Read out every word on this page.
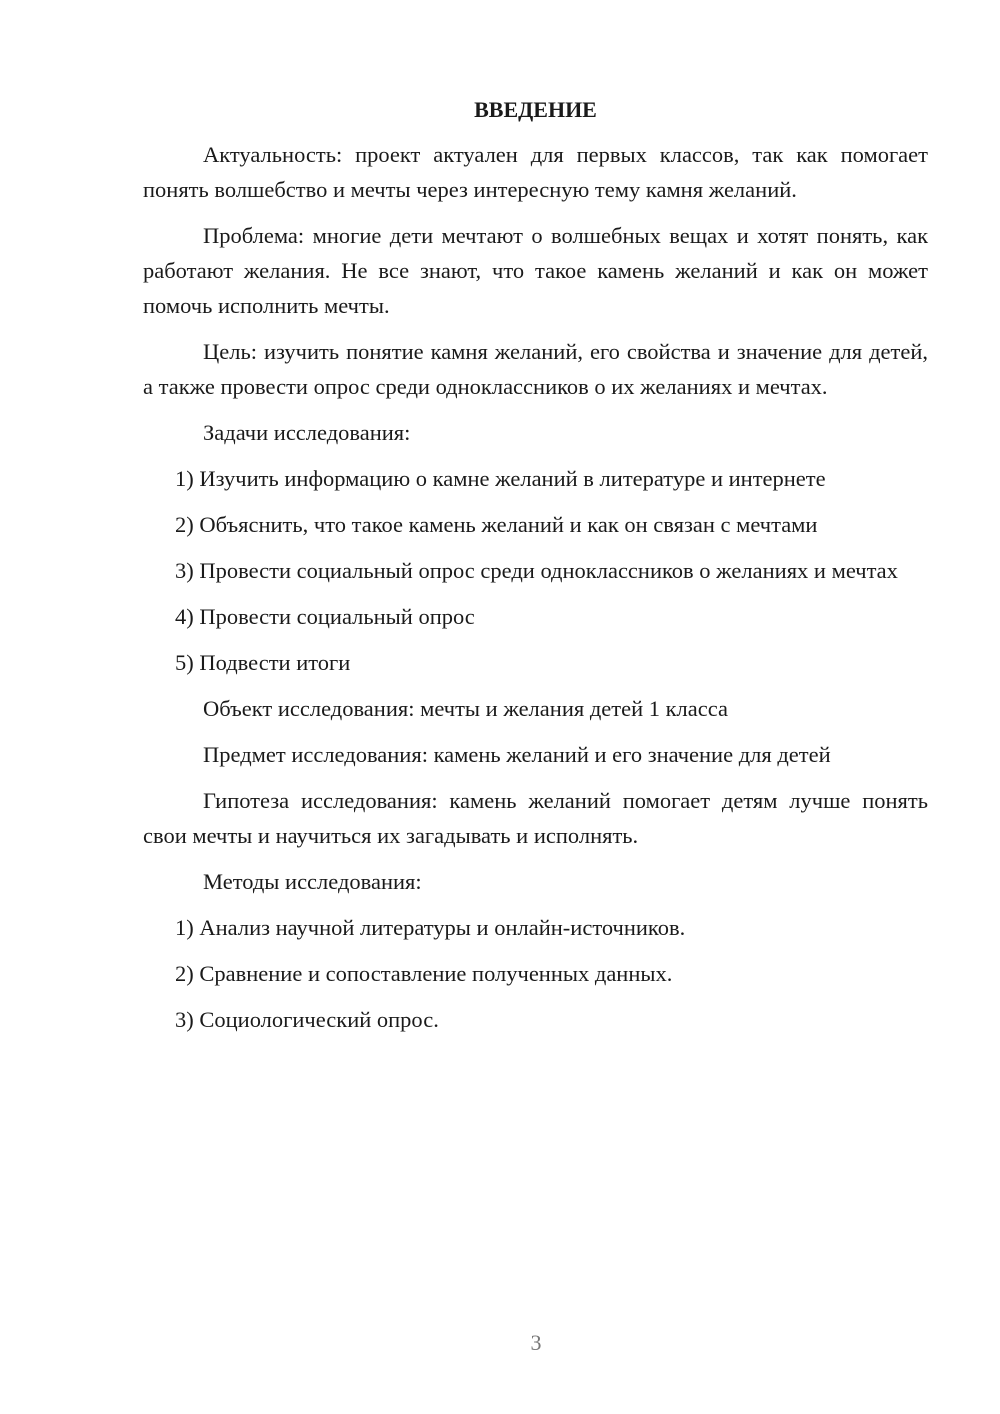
ВВЕДЕНИЕ

Актуальность: проект актуален для первых классов, так как помогает понять волшебство и мечты через интересную тему камня желаний.

Проблема: многие дети мечтают о волшебных вещах и хотят понять, как работают желания. Не все знают, что такое камень желаний и как он может помочь исполнить мечты.

Цель: изучить понятие камня желаний, его свойства и значение для детей, а также провести опрос среди одноклассников о их желаниях и мечтах.

Задачи исследования:

1) Изучить информацию о камне желаний в литературе и интернете

2) Объяснить, что такое камень желаний и как он связан с мечтами

3) Провести социальный опрос среди одноклассников о желаниях и мечтах

4) Провести социальный опрос

5) Подвести итоги

Объект исследования: мечты и желания детей 1 класса

Предмет исследования: камень желаний и его значение для детей

Гипотеза исследования: камень желаний помогает детям лучше понять свои мечты и научиться их загадывать и исполнять.

Методы исследования:

1) Анализ научной литературы и онлайн-источников.

2) Сравнение и сопоставление полученных данных.

3) Социологический опрос.

3
